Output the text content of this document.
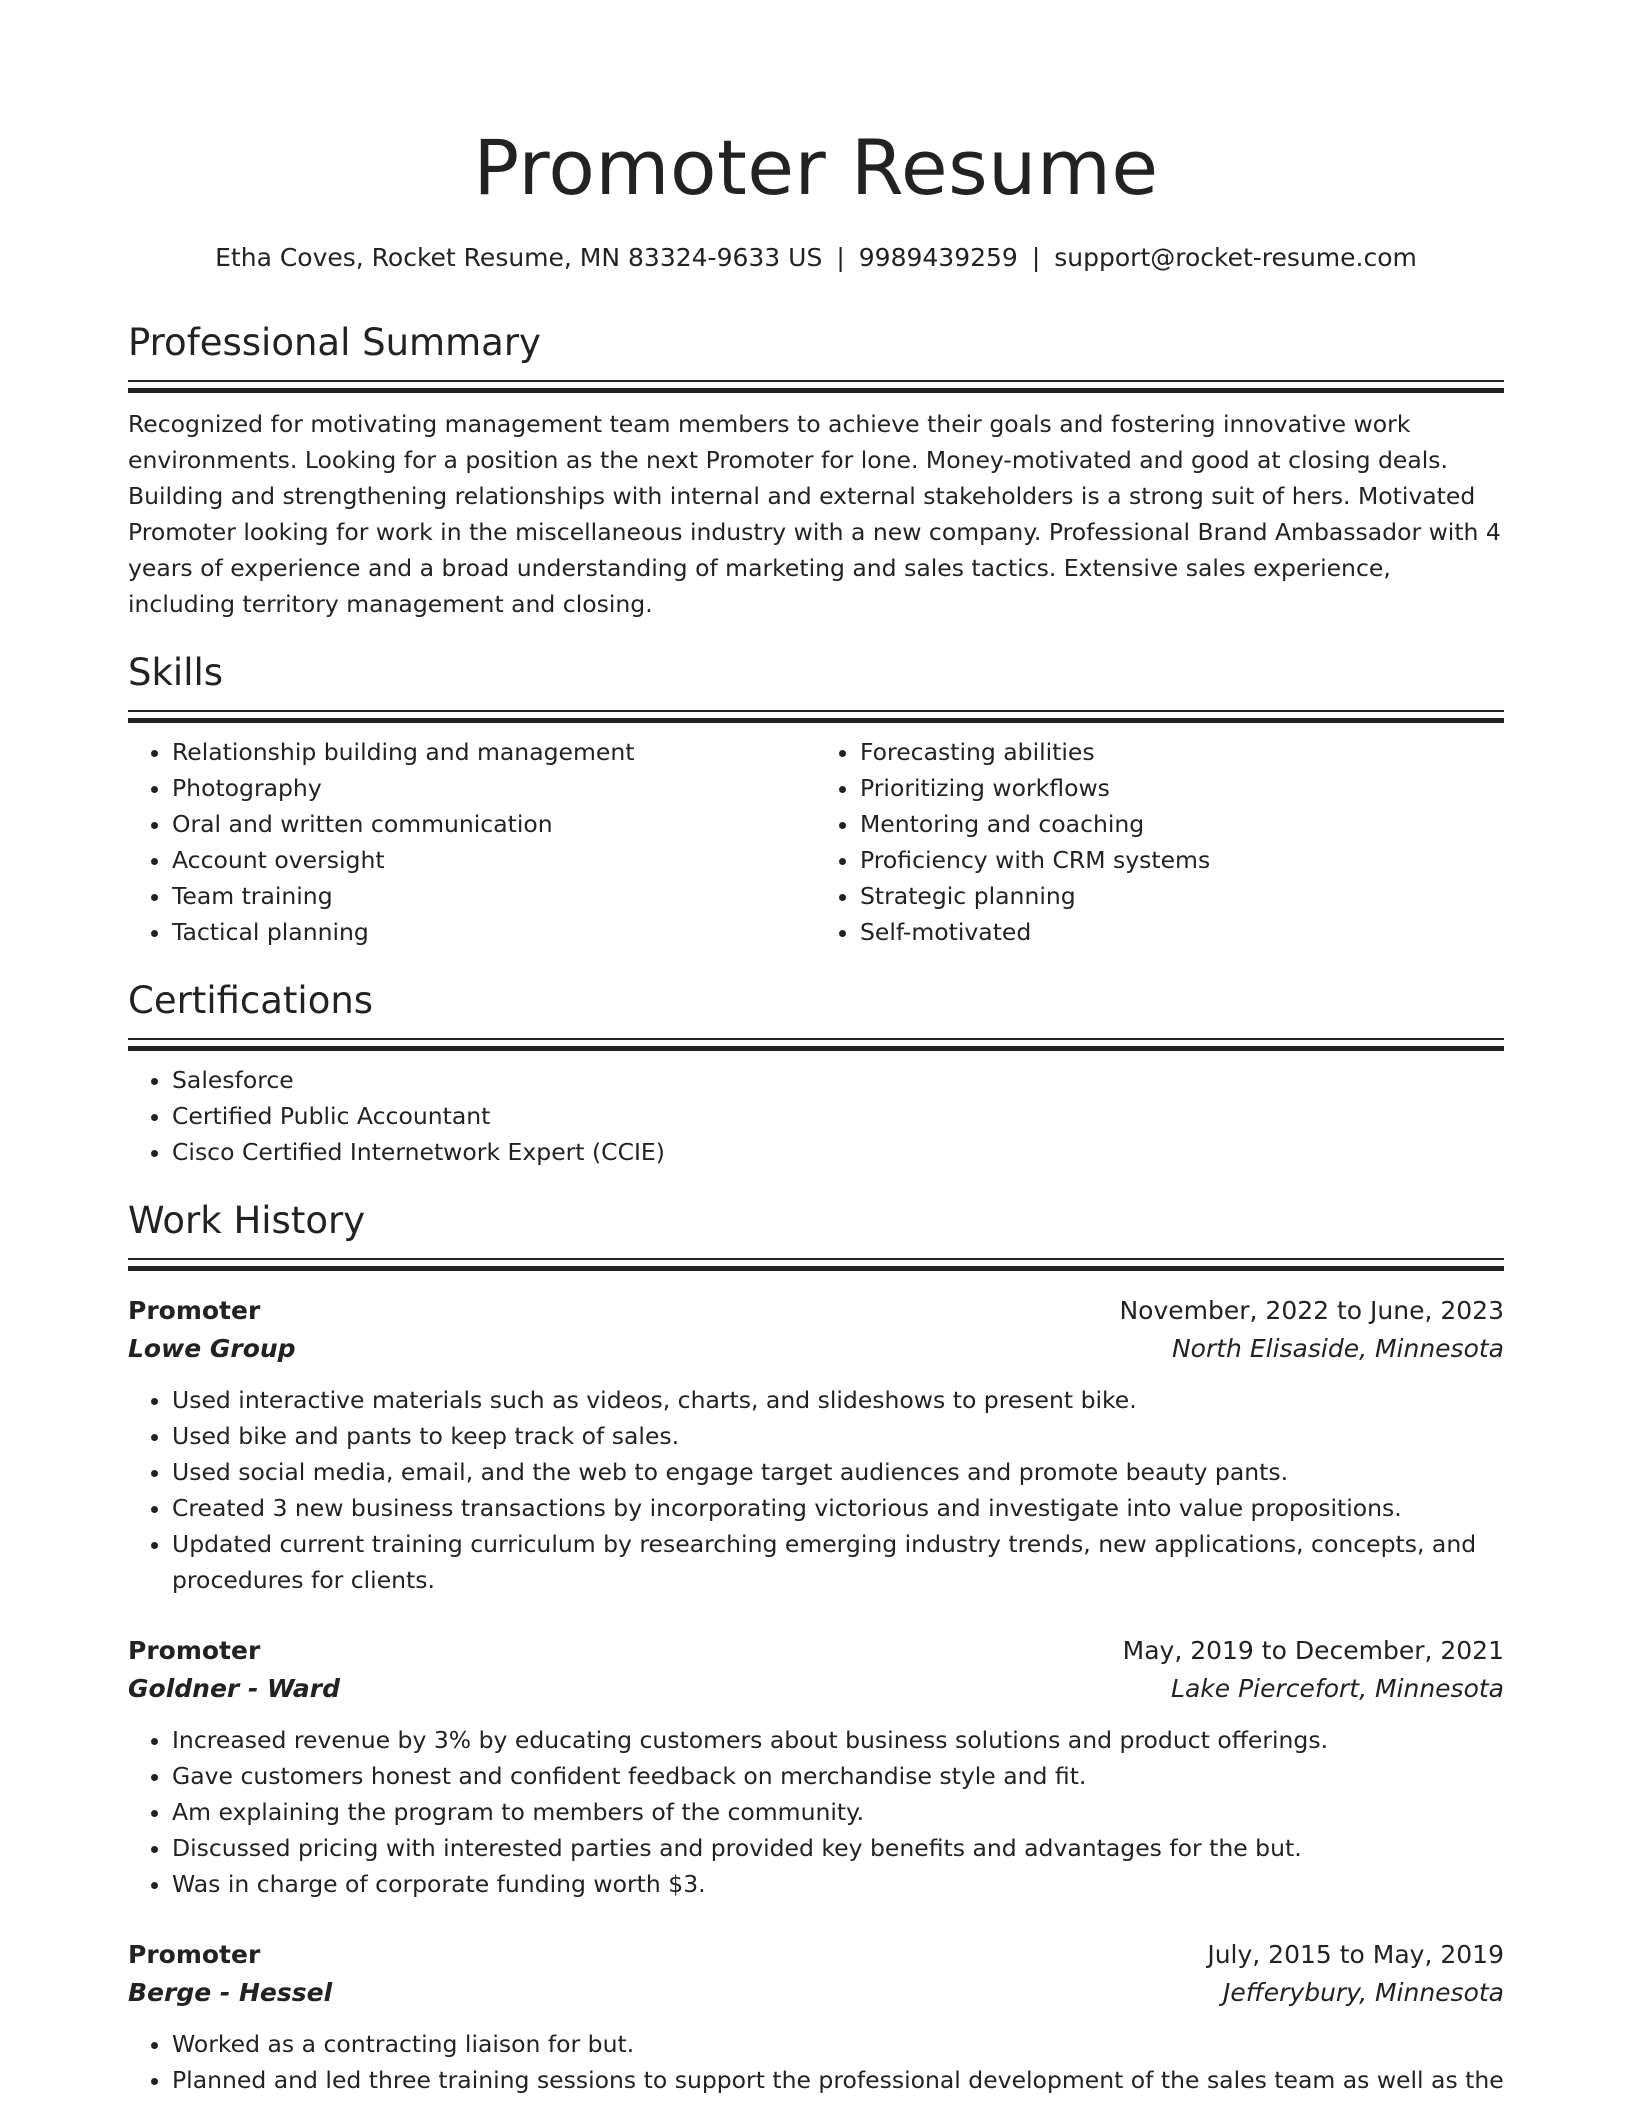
Promoter Resume
Etha Coves, Rocket Resume, MN 83324-9633 US | 9989439259 | support@rocket-resume.com
Professional Summary
Recognized for motivating management team members to achieve their goals and fostering innovative work environments. Looking for a position as the next Promoter for lone. Money-motivated and good at closing deals. Building and strengthening relationships with internal and external stakeholders is a strong suit of hers. Motivated Promoter looking for work in the miscellaneous industry with a new company. Professional Brand Ambassador with 4 years of experience and a broad understanding of marketing and sales tactics. Extensive sales experience, including territory management and closing.
Skills
• Relationship building and management
• Photography
• Oral and written communication
• Account oversight
• Team training
• Tactical planning
• Forecasting abilities
• Prioritizing workflows
• Mentoring and coaching
• Proficiency with CRM systems
• Strategic planning
• Self-motivated
Certifications
• Salesforce
• Certified Public Accountant
• Cisco Certified Internetwork Expert (CCIE)
Work History
Promoter	November, 2022 to June, 2023
Lowe Group	North Elisaside, Minnesota
• Used interactive materials such as videos, charts, and slideshows to present bike.
• Used bike and pants to keep track of sales.
• Used social media, email, and the web to engage target audiences and promote beauty pants.
• Created 3 new business transactions by incorporating victorious and investigate into value propositions.
• Updated current training curriculum by researching emerging industry trends, new applications, concepts, and procedures for clients.
Promoter	May, 2019 to December, 2021
Goldner - Ward	Lake Piercefort, Minnesota
• Increased revenue by 3% by educating customers about business solutions and product offerings.
• Gave customers honest and confident feedback on merchandise style and fit.
• Am explaining the program to members of the community.
• Discussed pricing with interested parties and provided key benefits and advantages for the but.
• Was in charge of corporate funding worth $3.
Promoter	July, 2015 to May, 2019
Berge - Hessel	Jefferybury, Minnesota
• Worked as a contracting liaison for but.
• Planned and led three training sessions to support the professional development of the sales team as well as the
